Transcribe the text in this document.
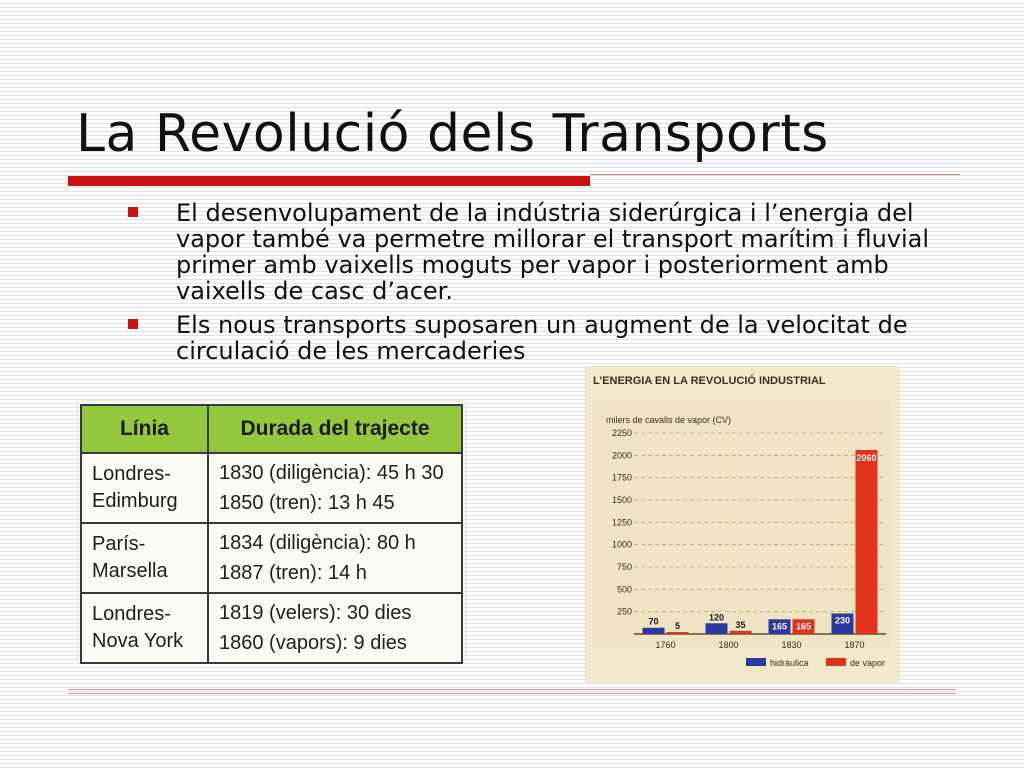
La Revolució dels Transports
El desenvolupament de la indústria siderúrgica i l’energia del vapor també va permetre millorar el transport marítim i fluvial primer amb vaixells moguts per vapor i posteriorment amb vaixells de casc d’acer.
Els nous transports suposaren un augment de la velocitat de circulació de les mercaderies
Línia	Durada del trajecte
Londres-Edimburg	1830 (diligència): 45 h 30
1850 (tren): 13 h 45

París-Marsella	1834 (diligència): 80 h
1887 (tren): 14 h

Londres-Nova York	1819 (velers): 30 dies
1860 (vapors): 9 dies
L’ENERGIA EN LA REVOLUCIÓ INDUSTRIAL
milers de cavalls de vapor (CV)
250
500
750
1000
1250
1500
1750
2000
2250
70 5
1760
120
35
1800
165 165
1830
230
2060
1870
hidràulica	de vapor
